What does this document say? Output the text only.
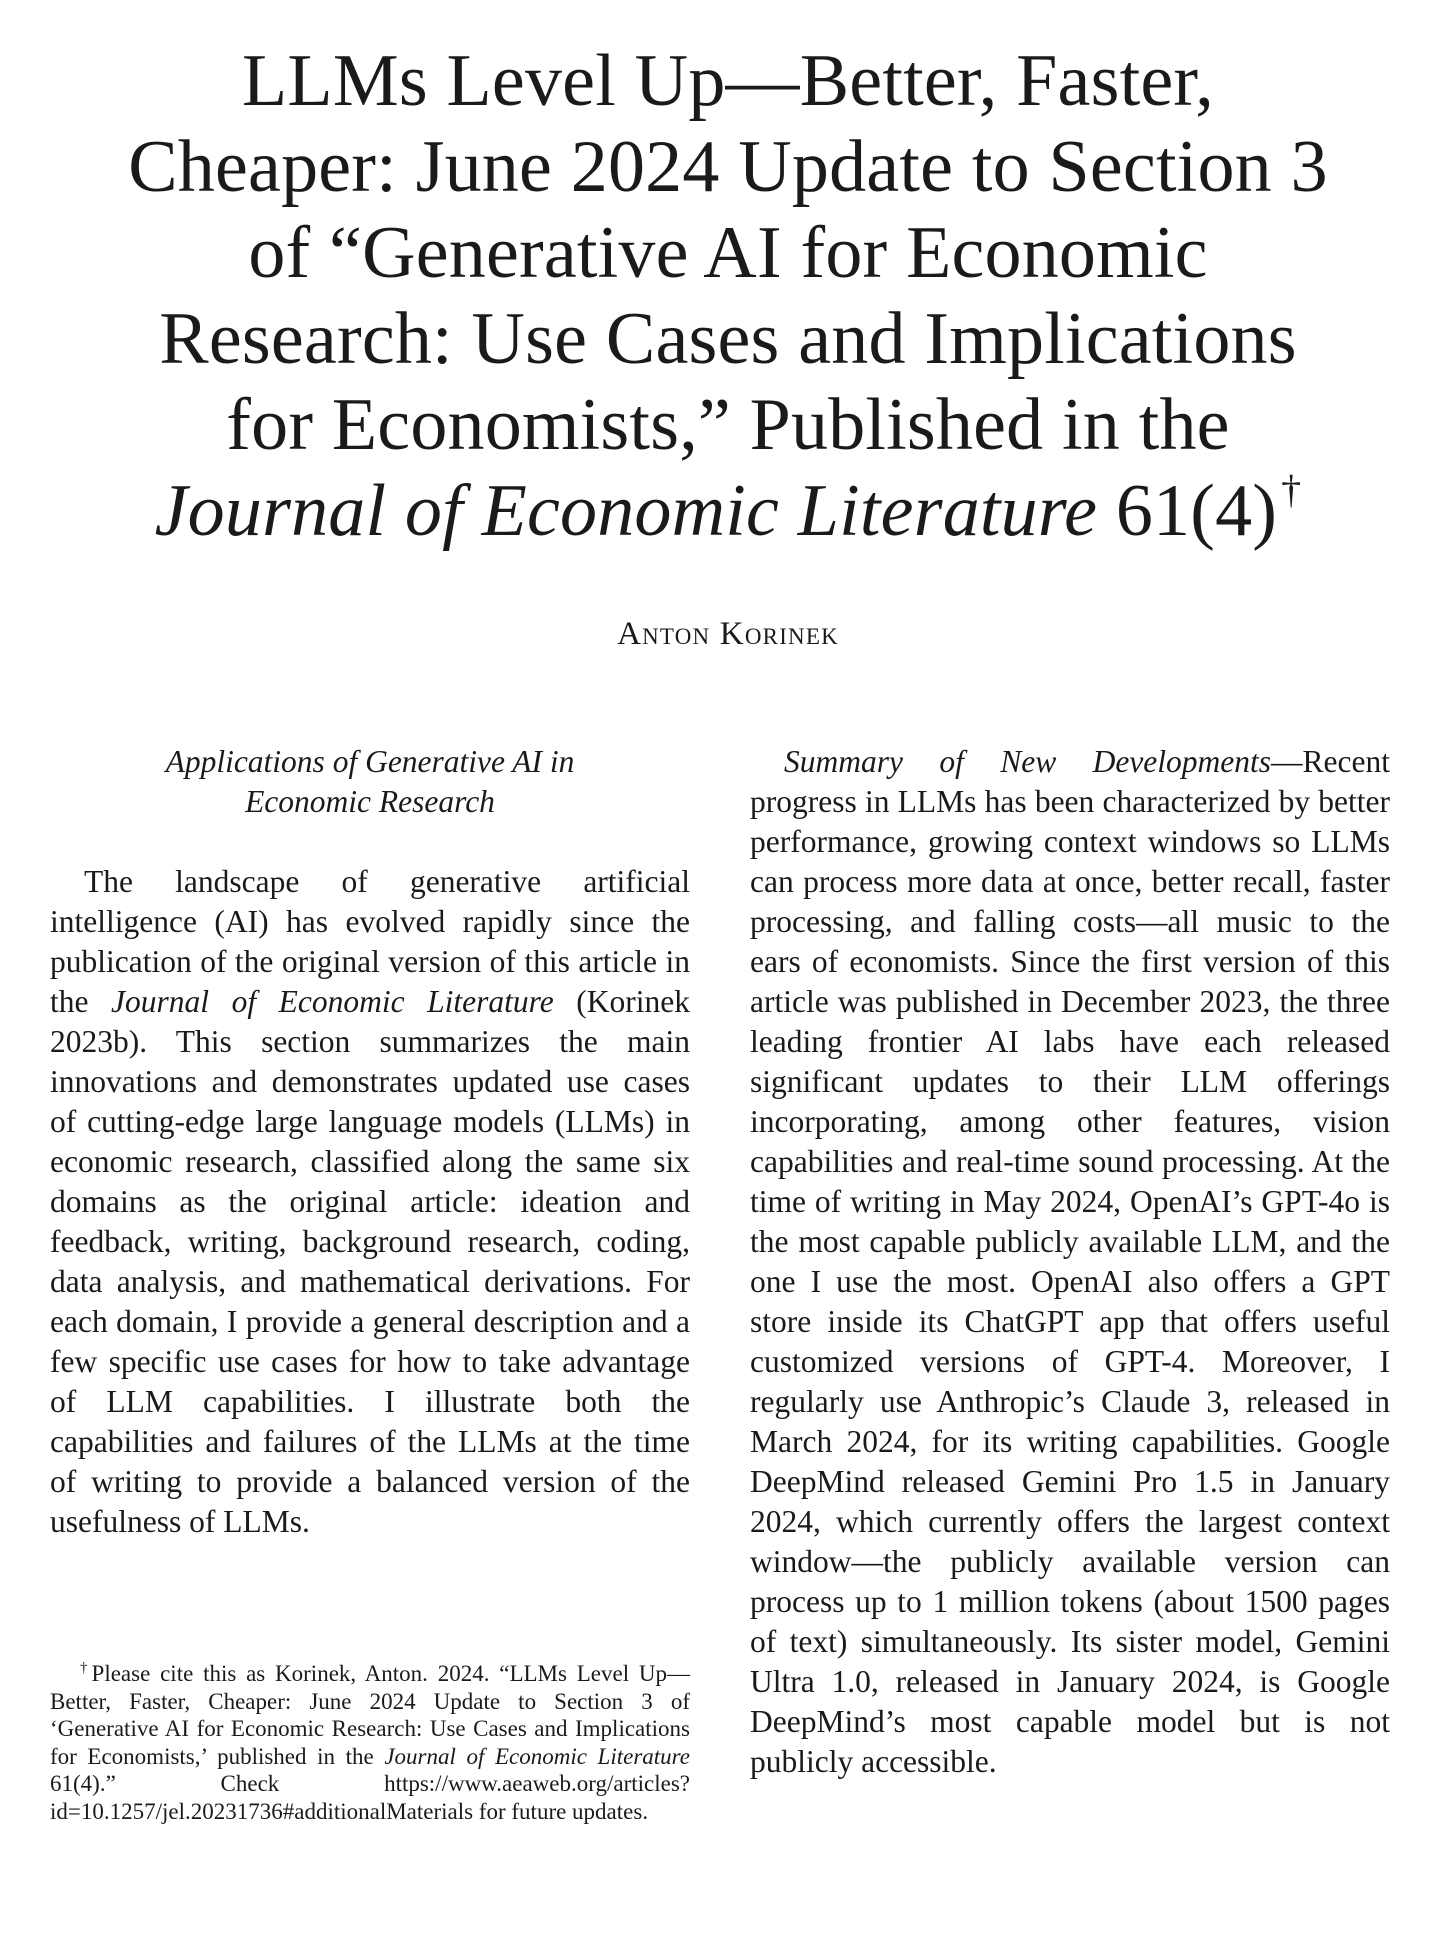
LLMs Level Up—Better, Faster,
Cheaper: June 2024 Update to Section 3
of “Generative AI for Economic
Research: Use Cases and Implications
for Economists,” Published in the
Journal of Economic Literature 61(4) †
Anton Korinek
Applications of Generative AI in
Economic Research

The landscape of generative artificial intelligence (AI) has evolved rapidly since the publication of the original version of this article in the Journal of Economic Literature (Korinek 2023b). This section summarizes the main innovations and demonstrates updated use cases of cutting-edge large language models (LLMs) in economic research, classified along the same six domains as the original article: ideation and feedback, writing, background research, coding, data analysis, and mathematical derivations. For each domain, I provide a general description and a few specific use cases for how to take advantage of LLM capabilities. I illustrate both the capabilities and failures of the LLMs at the time of writing to provide a balanced version of the usefulness of LLMs.

†Please cite this as Korinek, Anton. 2024. “LLMs Level Up—Better, Faster, Cheaper: June 2024 Update to Section 3 of ‘Generative AI for Economic Research: Use Cases and Implications for Economists,’ published in the Journal of Economic Literature 61(4).” Check https://www.aeaweb.org/articles?id=10.1257/jel.20231736#additionalMaterials for future updates.

Summary of New Developments—Recent progress in LLMs has been characterized by better performance, growing context windows so LLMs can process more data at once, better recall, faster processing, and falling costs—all music to the ears of economists. Since the first version of this article was published in December 2023, the three leading frontier AI labs have each released significant updates to their LLM offerings incorporating, among other features, vision capabilities and real-time sound processing. At the time of writing in May 2024, OpenAI’s GPT-4o is the most capable publicly available LLM, and the one I use the most. OpenAI also offers a GPT store inside its ChatGPT app that offers useful customized versions of GPT-4. Moreover, I regularly use Anthropic’s Claude 3, released in March 2024, for its writing capabilities. Google DeepMind released Gemini Pro 1.5 in January 2024, which currently offers the largest context window—the publicly available version can process up to 1 million tokens (about 1500 pages of text) simultaneously. Its sister model, Gemini Ultra 1.0, released in January 2024, is Google DeepMind’s most capable model but is not publicly accessible.
